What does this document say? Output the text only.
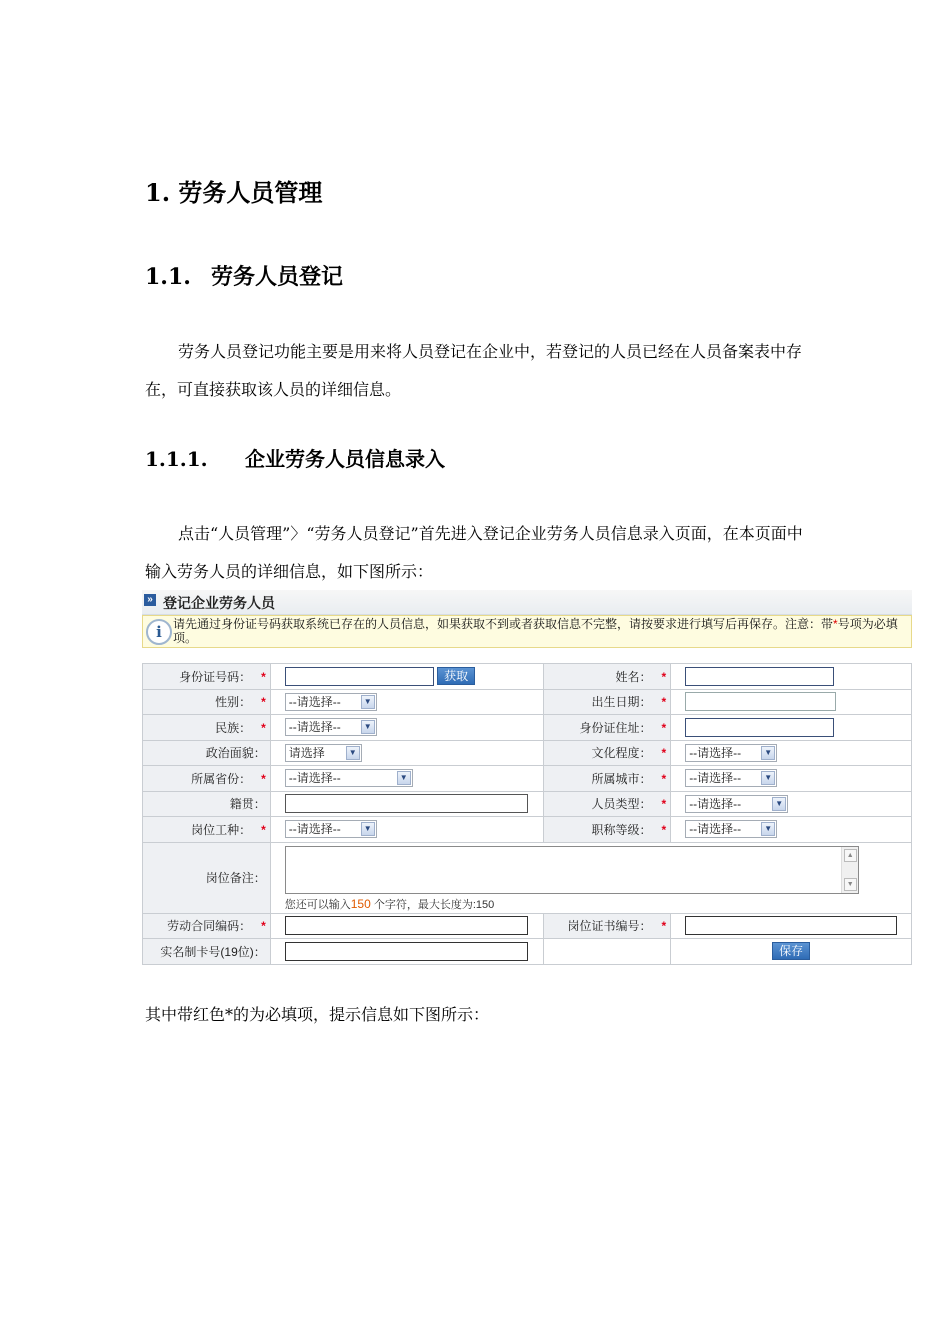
1. 劳务人员管理
1.1. 劳务人员登记
劳务人员登记功能主要是用来将人员登记在企业中，若登记的人员已经在人员备案表中存在，可直接获取该人员的详细信息。
1.1.1. 企业劳务人员信息录入
点击“人员管理”〉“劳务人员登记”首先进入登记企业劳务人员信息录入页面，在本页面中输入劳务人员的详细信息，如下图所示：
» 登记企业劳务人员
i 请先通过身份证号码获取系统已存在的人员信息，如果获取不到或者获取信息不完整，请按要求进行填写后再保存。注意：带*号项为必填项。
身份证号码： *	获取	姓名： *	
性别： *	--请选择-- ▼	出生日期： *	
民族： *	--请选择-- ▼	身份证住址： *	
政治面貌：	请选择 ▼	文化程度： *	--请选择-- ▼

所属省份： *	--请选择-- ▼	所属城市： *	--请选择-- ▼

籍贯：		人员类型： *	--请选择-- ▼

岗位工种： *	--请选择-- ▼	职称等级： *	--请选择-- ▼

岗位备注：	▲
▼
您还可以输入150 个字符，最大长度为:150		

劳动合同编码： *		岗位证书编号： *	
实名制卡号(19位)：			保存
其中带红色*的为必填项，提示信息如下图所示：
